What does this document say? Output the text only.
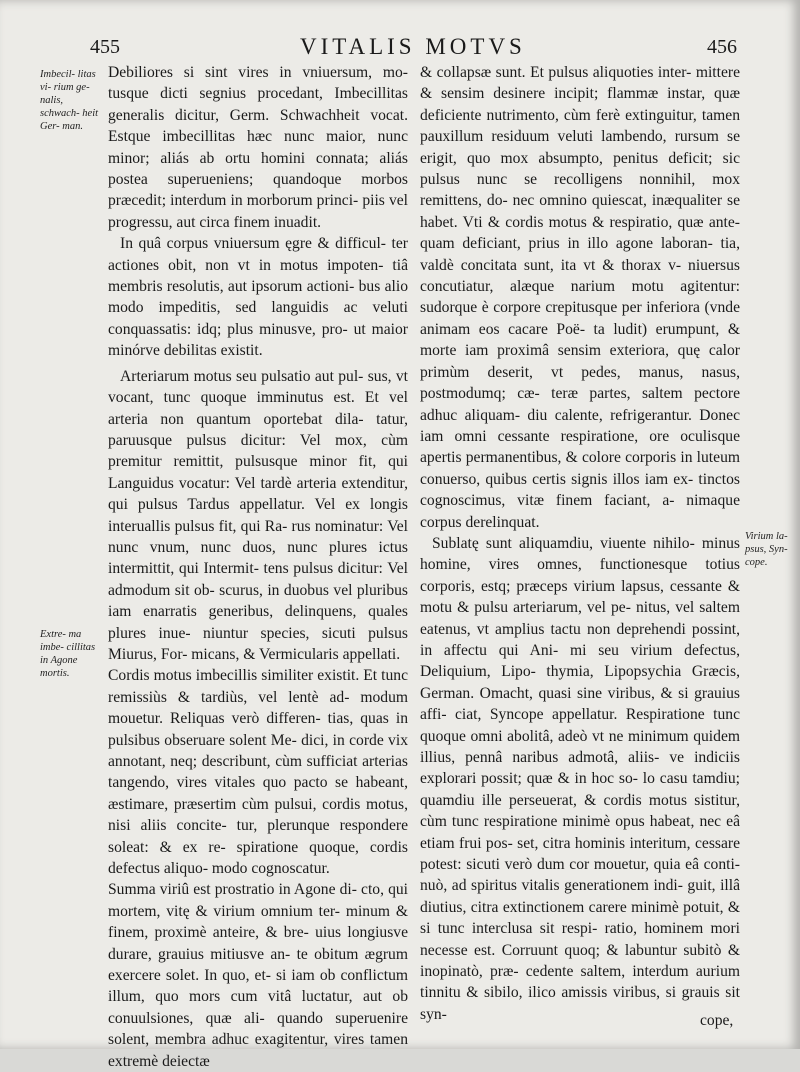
455	VITALIS MOTVS	456
Imbecil- litas vi- rium ge- nalis, schwach- heit Ger- man.
Extre- ma imbe- cillitas in Agone mortis.
Virium la- psus, Syn- cope.

Debiliores si sint vires in vniuersum, mo- tusque dicti segnius procedant, Imbecillitas generalis dicitur, Germ. Schwachheit vocat. Estque imbecillitas hæc nunc maior, nunc minor; aliás ab ortu homini connata; aliás postea superueniens; quandoque morbos præcedit; interdum in morborum princi- piis vel progressu, aut circa finem inuadit.

In quâ corpus vniuersum ęgre & difficul- ter actiones obit, non vt in motus impoten- tiâ membris resolutis, aut ipsorum actioni- bus alio modo impeditis, sed languidis ac veluti conquassatis: idq; plus minusve, pro- ut maior minórve debilitas existit.

Arteriarum motus seu pulsatio aut pul- sus, vt vocant, tunc quoque imminutus est. Et vel arteria non quantum oportebat dila- tatur, paruusque pulsus dicitur: Vel mox, cùm premitur remittit, pulsusque minor fit, qui Languidus vocatur: Vel tardè arteria extenditur, qui pulsus Tardus appellatur. Vel ex longis interuallis pulsus fit, qui Ra- rus nominatur: Vel nunc vnum, nunc duos, nunc plures ictus intermittit, qui Intermit- tens pulsus dicitur: Vel admodum sit ob- scurus, in duobus vel pluribus iam enarratis generibus, delinquens, quales plures inue- niuntur species, sicuti pulsus Miurus, For- micans, & Vermicularis appellati.

Cordis motus imbecillis similiter existit. Et tunc remissiùs & tardiùs, vel lentè ad- modum mouetur. Reliquas verò differen- tias, quas in pulsibus obseruare solent Me- dici, in corde vix annotant, neq; describunt, cùm sufficiat arterias tangendo, vires vitales quo pacto se habeant, æstimare, præsertim cùm pulsui, cordis motus, nisi aliis concite- tur, plerunque respondere soleat: & ex re- spiratione quoque, cordis defectus aliquo- modo cognoscatur.

Summa viriû est prostratio in Agone di- cto, qui mortem, vitę & virium omnium ter- minum & finem, proximè anteire, & bre- uius longiusve durare, grauius mitiusve an- te obitum ægrum exercere solet. In quo, et- si iam ob conflictum illum, quo mors cum vitâ luctatur, aut ob conuulsiones, quæ ali- quando superuenire solent, membra adhuc exagitentur, vires tamen extremè deiectæ

& collapsæ sunt. Et pulsus aliquoties inter- mittere & sensim desinere incipit; flammæ instar, quæ deficiente nutrimento, cùm ferè extinguitur, tamen pauxillum residuum veluti lambendo, rursum se erigit, quo mox absumpto, penitus deficit; sic pulsus nunc se recolligens nonnihil, mox remittens, do- nec omnino quiescat, inæqualiter se habet. Vti & cordis motus & respiratio, quæ ante- quam deficiant, prius in illo agone laboran- tia, valdè concitata sunt, ita vt & thorax v- niuersus concutiatur, alæque narium motu agitentur: sudorque è corpore crepitusque per inferiora (vnde animam eos cacare Poë- ta ludit) erumpunt, & morte iam proximâ sensim exteriora, quę calor primùm deserit, vt pedes, manus, nasus, postmodumq; cæ- teræ partes, saltem pectore adhuc aliquam- diu calente, refrigerantur. Donec iam omni cessante respiratione, ore oculisque apertis permanentibus, & colore corporis in luteum conuerso, quibus certis signis illos iam ex- tinctos cognoscimus, vitæ finem faciant, a- nimaque corpus derelinquat.

Sublatę sunt aliquamdiu, viuente nihilo- minus homine, vires omnes, functionesque totius corporis, estq; præceps virium lapsus, cessante & motu & pulsu arteriarum, vel pe- nitus, vel saltem eatenus, vt amplius tactu non deprehendi possint, in affectu qui Ani- mi seu virium defectus, Deliquium, Lipo- thymia, Lipopsychia Græcis, German. Omacht, quasi sine viribus, & si grauius affi- ciat, Syncope appellatur. Respiratione tunc quoque omni abolitâ, adeò vt ne minimum quidem illius, pennâ naribus admotâ, aliis- ve indiciis explorari possit; quæ & in hoc so- lo casu tamdiu; quamdiu ille perseuerat, & cordis motus sistitur, cùm tunc respiratione minimè opus habeat, nec eâ etiam frui pos- set, citra hominis interitum, cessare potest: sicuti verò dum cor mouetur, quia eâ conti- nuò, ad spiritus vitalis generationem indi- guit, illâ diutius, citra extinctionem carere minimè potuit, & si tunc interclusa sit respi- ratio, hominem mori necesse est. Corruunt quoq; & labuntur subitò & inopinatò, præ- cedente saltem, interdum aurium tinnitu & sibilo, ilico amissis viribus, si grauis sit syn-	cope,
